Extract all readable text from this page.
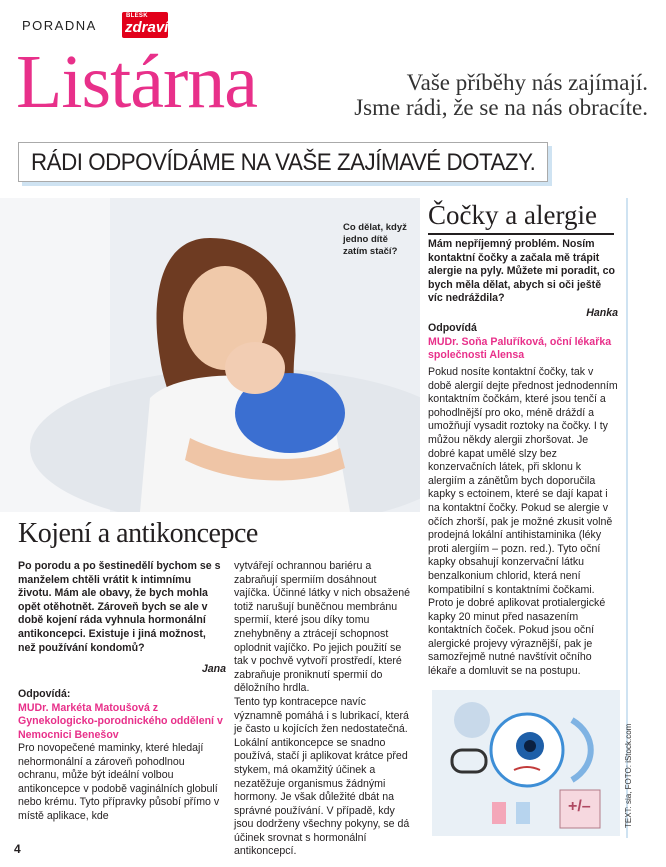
PORADNA
BLESK
zdraví
Listárna	Vaše příběhy nás zajímají.
Jsme rádi, že se na nás obracíte.
RÁDI ODPOVÍDÁME NA VAŠE ZAJÍMAVÉ DOTAZY.
Co dělat, když jedno dítě zatím stačí?
Kojení a antikoncepce
Po porodu a po šestinedělí bychom se s manželem chtěli vrátit k intimnímu životu. Mám ale obavy, že bych mohla opět otěhotnět. Zároveň bych se ale v době kojení ráda vyhnula hormonální antikoncepci. Existuje i jiná možnost, než používání kondomů?
Jana
Odpovídá:
MUDr. Markéta Matoušová z Gynekologicko-porodnického oddělení v Nemocnici Benešov
Pro novopečené maminky, které hledají nehormonální a zároveň pohodlnou ochranu, může být ideální volbou antikoncepce v podobě vaginálních globulí nebo krému. Tyto přípravky působí přímo v místě aplikace, kde
vytvářejí ochrannou bariéru a zabraňují spermiím dosáhnout vajíčka. Účinné látky v nich obsažené totiž narušují buněčnou membránu spermií, které jsou díky tomu znehybněny a ztrácejí schopnost oplodnit vajíčko. Po jejich použití se tak v pochvě vytvoří prostředí, které zabraňuje proniknutí spermií do děložního hrdla.
Tento typ kontracepce navíc významně pomáhá i s lubrikací, která je často u kojících žen nedostatečná. Lokální antikoncepce se snadno používá, stačí ji aplikovat krátce před stykem, má okamžitý účinek a nezatěžuje organismus žádnými hormony. Je však důležité dbát na správné používání. V případě, kdy jsou dodrženy všechny pokyny, se dá účinek srovnat s hormonální antikoncepcí.
Čočky a alergie
Mám nepříjemný problém. Nosím kontaktní čočky a začala mě trápit alergie na pyly. Můžete mi poradit, co bych měla dělat, abych si oči ještě víc nedráždila?
Hanka
Odpovídá
MUDr. Soňa Paluříková, oční lékařka společnosti Alensa
Pokud nosíte kontaktní čočky, tak v době alergií dejte přednost jednodenním kontaktním čočkám, které jsou tenčí a pohodlnější pro oko, méně dráždí a umožňují vysadit roztoky na čočky. I ty můžou někdy alergii zhoršovat. Je dobré kapat umělé slzy bez konzervačních látek, při sklonu k alergiím a zánětům bych doporučila kapky s ectoinem, které se dají kapat i na kontaktní čočky. Pokud se alergie v očích zhorší, pak je možné zkusit volně prodejná lokální antihistaminika (léky proti alergiím – pozn. red.). Tyto oční kapky obsahují konzervační látku benzalkonium chlorid, která není kompatibilní s kontaktními čočkami. Proto je dobré aplikovat protialergické kapky 20 minut před nasazením kontaktních čoček. Pokud jsou oční alergické projevy výraznější, pak je samozřejmě nutné navštívit očního lékaře a domluvit se na postupu.
+/–	TEXT: sia, FOTO: iStock.com
4
